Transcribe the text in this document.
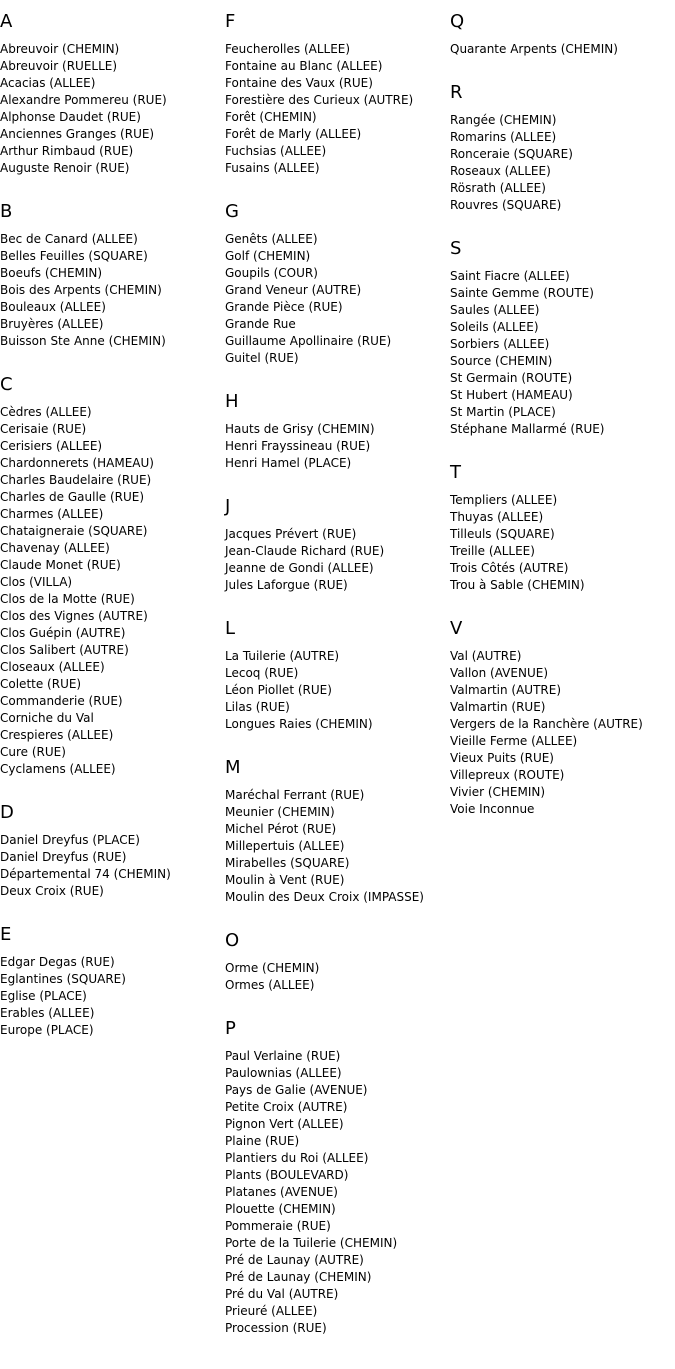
A
Abreuvoir (CHEMIN)
Abreuvoir (RUELLE)
Acacias (ALLEE)
Alexandre Pommereu (RUE)
Alphonse Daudet (RUE)
Anciennes Granges (RUE)
Arthur Rimbaud (RUE)
Auguste Renoir (RUE)
B
Bec de Canard (ALLEE)
Belles Feuilles (SQUARE)
Boeufs (CHEMIN)
Bois des Arpents (CHEMIN)
Bouleaux (ALLEE)
Bruyères (ALLEE)
Buisson Ste Anne (CHEMIN)
C
Cèdres (ALLEE)
Cerisaie (RUE)
Cerisiers (ALLEE)
Chardonnerets (HAMEAU)
Charles Baudelaire (RUE)
Charles de Gaulle (RUE)
Charmes (ALLEE)
Chataigneraie (SQUARE)
Chavenay (ALLEE)
Claude Monet (RUE)
Clos (VILLA)
Clos de la Motte (RUE)
Clos des Vignes (AUTRE)
Clos Guépin (AUTRE)
Clos Salibert (AUTRE)
Closeaux (ALLEE)
Colette (RUE)
Commanderie (RUE)
Corniche du Val
Crespieres (ALLEE)
Cure (RUE)
Cyclamens (ALLEE)
D
Daniel Dreyfus (PLACE)
Daniel Dreyfus (RUE)
Départemental 74 (CHEMIN)
Deux Croix (RUE)
E
Edgar Degas (RUE)
Eglantines (SQUARE)
Eglise (PLACE)
Erables (ALLEE)
Europe (PLACE)
F
Feucherolles (ALLEE)
Fontaine au Blanc (ALLEE)
Fontaine des Vaux (RUE)
Forestière des Curieux (AUTRE)
Forêt (CHEMIN)
Forêt de Marly (ALLEE)
Fuchsias (ALLEE)
Fusains (ALLEE)
G
Genêts (ALLEE)
Golf (CHEMIN)
Goupils (COUR)
Grand Veneur (AUTRE)
Grande Pièce (RUE)
Grande Rue
Guillaume Apollinaire (RUE)
Guitel (RUE)
H
Hauts de Grisy (CHEMIN)
Henri Frayssineau (RUE)
Henri Hamel (PLACE)
J
Jacques Prévert (RUE)
Jean-Claude Richard (RUE)
Jeanne de Gondi (ALLEE)
Jules Laforgue (RUE)
L
La Tuilerie (AUTRE)
Lecoq (RUE)
Léon Piollet (RUE)
Lilas (RUE)
Longues Raies (CHEMIN)
M
Maréchal Ferrant (RUE)
Meunier (CHEMIN)
Michel Pérot (RUE)
Millepertuis (ALLEE)
Mirabelles (SQUARE)
Moulin à Vent (RUE)
Moulin des Deux Croix (IMPASSE)
O
Orme (CHEMIN)
Ormes (ALLEE)
P
Paul Verlaine (RUE)
Paulownias (ALLEE)
Pays de Galie (AVENUE)
Petite Croix (AUTRE)
Pignon Vert (ALLEE)
Plaine (RUE)
Plantiers du Roi (ALLEE)
Plants (BOULEVARD)
Platanes (AVENUE)
Plouette (CHEMIN)
Pommeraie (RUE)
Porte de la Tuilerie (CHEMIN)
Pré de Launay (AUTRE)
Pré de Launay (CHEMIN)
Pré du Val (AUTRE)
Prieuré (ALLEE)
Procession (RUE)
Q
Quarante Arpents (CHEMIN)
R
Rangée (CHEMIN)
Romarins (ALLEE)
Ronceraie (SQUARE)
Roseaux (ALLEE)
Rösrath (ALLEE)
Rouvres (SQUARE)
S
Saint Fiacre (ALLEE)
Sainte Gemme (ROUTE)
Saules (ALLEE)
Soleils (ALLEE)
Sorbiers (ALLEE)
Source (CHEMIN)
St Germain (ROUTE)
St Hubert (HAMEAU)
St Martin (PLACE)
Stéphane Mallarmé (RUE)
T
Templiers (ALLEE)
Thuyas (ALLEE)
Tilleuls (SQUARE)
Treille (ALLEE)
Trois Côtés (AUTRE)
Trou à Sable (CHEMIN)
V
Val (AUTRE)
Vallon (AVENUE)
Valmartin (AUTRE)
Valmartin (RUE)
Vergers de la Ranchère (AUTRE)
Vieille Ferme (ALLEE)
Vieux Puits (RUE)
Villepreux (ROUTE)
Vivier (CHEMIN)
Voie Inconnue
